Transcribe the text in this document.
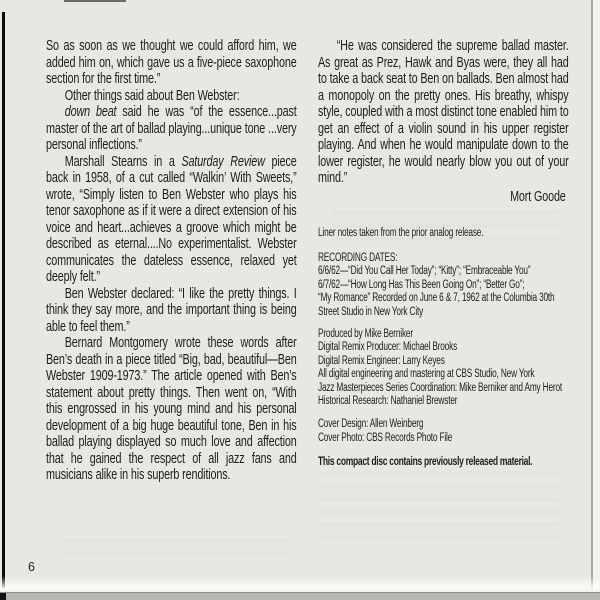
So as soon as we thought we could afford him, we added him on, which gave us a five-piece saxophone section for the first time.”

Other things said about Ben Webster:

down beat said he was “of the essence...past master of the art of ballad playing...unique tone ...very personal inflections.”

Marshall Stearns in a Saturday Review piece back in 1958, of a cut called “Walkin’ With Sweets,” wrote, “Simply listen to Ben Webster who plays his tenor saxophone as if it were a direct extension of his voice and heart...achieves a groove which might be described as eternal....No experimentalist. Webster communicates the dateless essence, relaxed yet deeply felt.”

Ben Webster declared: “I like the pretty things. I think they say more, and the important thing is being able to feel them.”

Bernard Montgomery wrote these words after Ben’s death in a piece titled “Big, bad, beautiful—Ben Webster 1909-1973.” The article opened with Ben’s statement about pretty things. Then went on, “With this engrossed in his young mind and his personal development of a big huge beautiful tone, Ben in his ballad playing displayed so much love and affection that he gained the respect of all jazz fans and musicians alike in his superb renditions.

“He was considered the supreme ballad master. As great as Prez, Hawk and Byas were, they all had to take a back seat to Ben on ballads. Ben almost had a monopoly on the pretty ones. His breathy, whispy style, coupled with a most distinct tone enabled him to get an effect of a violin sound in his upper register playing. And when he would manipulate down to the lower register, he would nearly blow you out of your mind.”

Mort Goode

Liner notes taken from the prior analog release.

RECORDING DATES:
6/6/62—“Did You Call Her Today”; “Kitty”; “Embraceable You”
6/7/62—“How Long Has This Been Going On”; “Better Go”;
“My Romance” Recorded on June 6 & 7, 1962 at the Columbia 30th Street Studio in New York City
Produced by Mike Berniker
Digital Remix Producer: Michael Brooks
Digital Remix Engineer: Larry Keyes
All digital engineering and mastering at CBS Studio, New York
Jazz Masterpieces Series Coordination: Mike Berniker and Amy Herot
Historical Research: Nathaniel Brewster
Cover Design: Allen Weinberg
Cover Photo: CBS Records Photo File

This compact disc contains previously released material.

6
